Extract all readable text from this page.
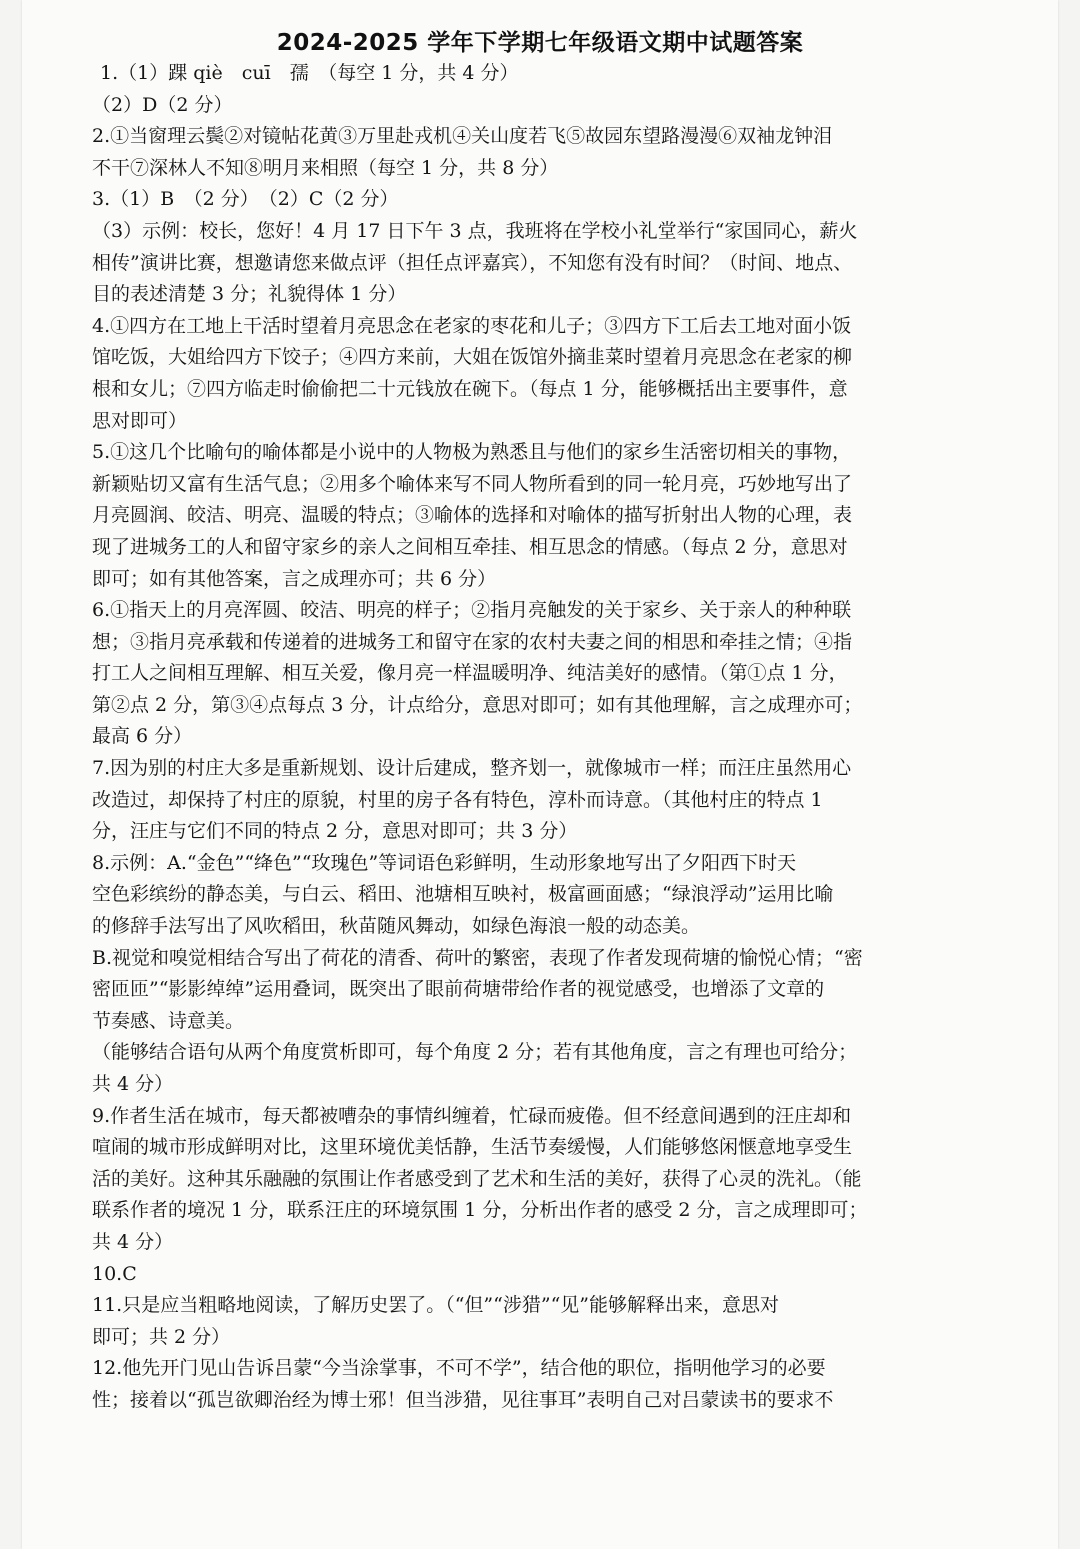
2024-2025 学年下学期七年级语文期中试题答案
1.（1）踝 qiè　cuī　孺　（每空 1 分，共 4 分）
（2）D（2 分）
2.①当窗理云鬓②对镜帖花黄③万里赴戎机④关山度若飞⑤故园东望路漫漫⑥双袖龙钟泪
不干⑦深林人不知⑧明月来相照（每空 1 分，共 8 分）
3.（1）B　（2 分）　（2）C（2 分）
（3）示例：校长，您好！4 月 17 日下午 3 点，我班将在学校小礼堂举行“家国同心，薪火
相传”演讲比赛，想邀请您来做点评（担任点评嘉宾），不知您有没有时间？（时间、地点、
目的表述清楚 3 分；礼貌得体 1 分）
4.①四方在工地上干活时望着月亮思念在老家的枣花和儿子；③四方下工后去工地对面小饭
馆吃饭，大姐给四方下饺子；④四方来前，大姐在饭馆外摘韭菜时望着月亮思念在老家的柳
根和女儿；⑦四方临走时偷偷把二十元钱放在碗下。（每点 1 分，能够概括出主要事件，意
思对即可）
5.①这几个比喻句的喻体都是小说中的人物极为熟悉且与他们的家乡生活密切相关的事物，
新颖贴切又富有生活气息；②用多个喻体来写不同人物所看到的同一轮月亮，巧妙地写出了
月亮圆润、皎洁、明亮、温暖的特点；③喻体的选择和对喻体的描写折射出人物的心理，表
现了进城务工的人和留守家乡的亲人之间相互牵挂、相互思念的情感。（每点 2 分，意思对
即可；如有其他答案，言之成理亦可；共 6 分）
6.①指天上的月亮浑圆、皎洁、明亮的样子；②指月亮触发的关于家乡、关于亲人的种种联
想；③指月亮承载和传递着的进城务工和留守在家的农村夫妻之间的相思和牵挂之情；④指
打工人之间相互理解、相互关爱，像月亮一样温暖明净、纯洁美好的感情。（第①点 1 分，
第②点 2 分，第③④点每点 3 分，计点给分，意思对即可；如有其他理解，言之成理亦可；
最高 6 分）
7.因为别的村庄大多是重新规划、设计后建成，整齐划一，就像城市一样；而汪庄虽然用心
改造过，却保持了村庄的原貌，村里的房子各有特色，淳朴而诗意。（其他村庄的特点 1
分，汪庄与它们不同的特点 2 分，意思对即可；共 3 分）
8.示例：A.“金色”“绛色”“玫瑰色”等词语色彩鲜明，生动形象地写出了夕阳西下时天
空色彩缤纷的静态美，与白云、稻田、池塘相互映衬，极富画面感；“绿浪浮动”运用比喻
的修辞手法写出了风吹稻田，秋苗随风舞动，如绿色海浪一般的动态美。
B.视觉和嗅觉相结合写出了荷花的清香、荷叶的繁密，表现了作者发现荷塘的愉悦心情；“密
密匝匝”“影影绰绰”运用叠词，既突出了眼前荷塘带给作者的视觉感受，也增添了文章的
节奏感、诗意美。
（能够结合语句从两个角度赏析即可，每个角度 2 分；若有其他角度，言之有理也可给分；
共 4 分）
9.作者生活在城市，每天都被嘈杂的事情纠缠着，忙碌而疲倦。但不经意间遇到的汪庄却和
喧闹的城市形成鲜明对比，这里环境优美恬静，生活节奏缓慢，人们能够悠闲惬意地享受生
活的美好。这种其乐融融的氛围让作者感受到了艺术和生活的美好，获得了心灵的洗礼。（能
联系作者的境况 1 分，联系汪庄的环境氛围 1 分，分析出作者的感受 2 分，言之成理即可；
共 4 分）
10.C
11.只是应当粗略地阅读，了解历史罢了。（“但”“涉猎”“见”能够解释出来，意思对
即可；共 2 分）
12.他先开门见山告诉吕蒙“今当涂掌事，不可不学”，结合他的职位，指明他学习的必要
性；接着以“孤岂欲卿治经为博士邪！但当涉猎，见往事耳”表明自己对吕蒙读书的要求不
